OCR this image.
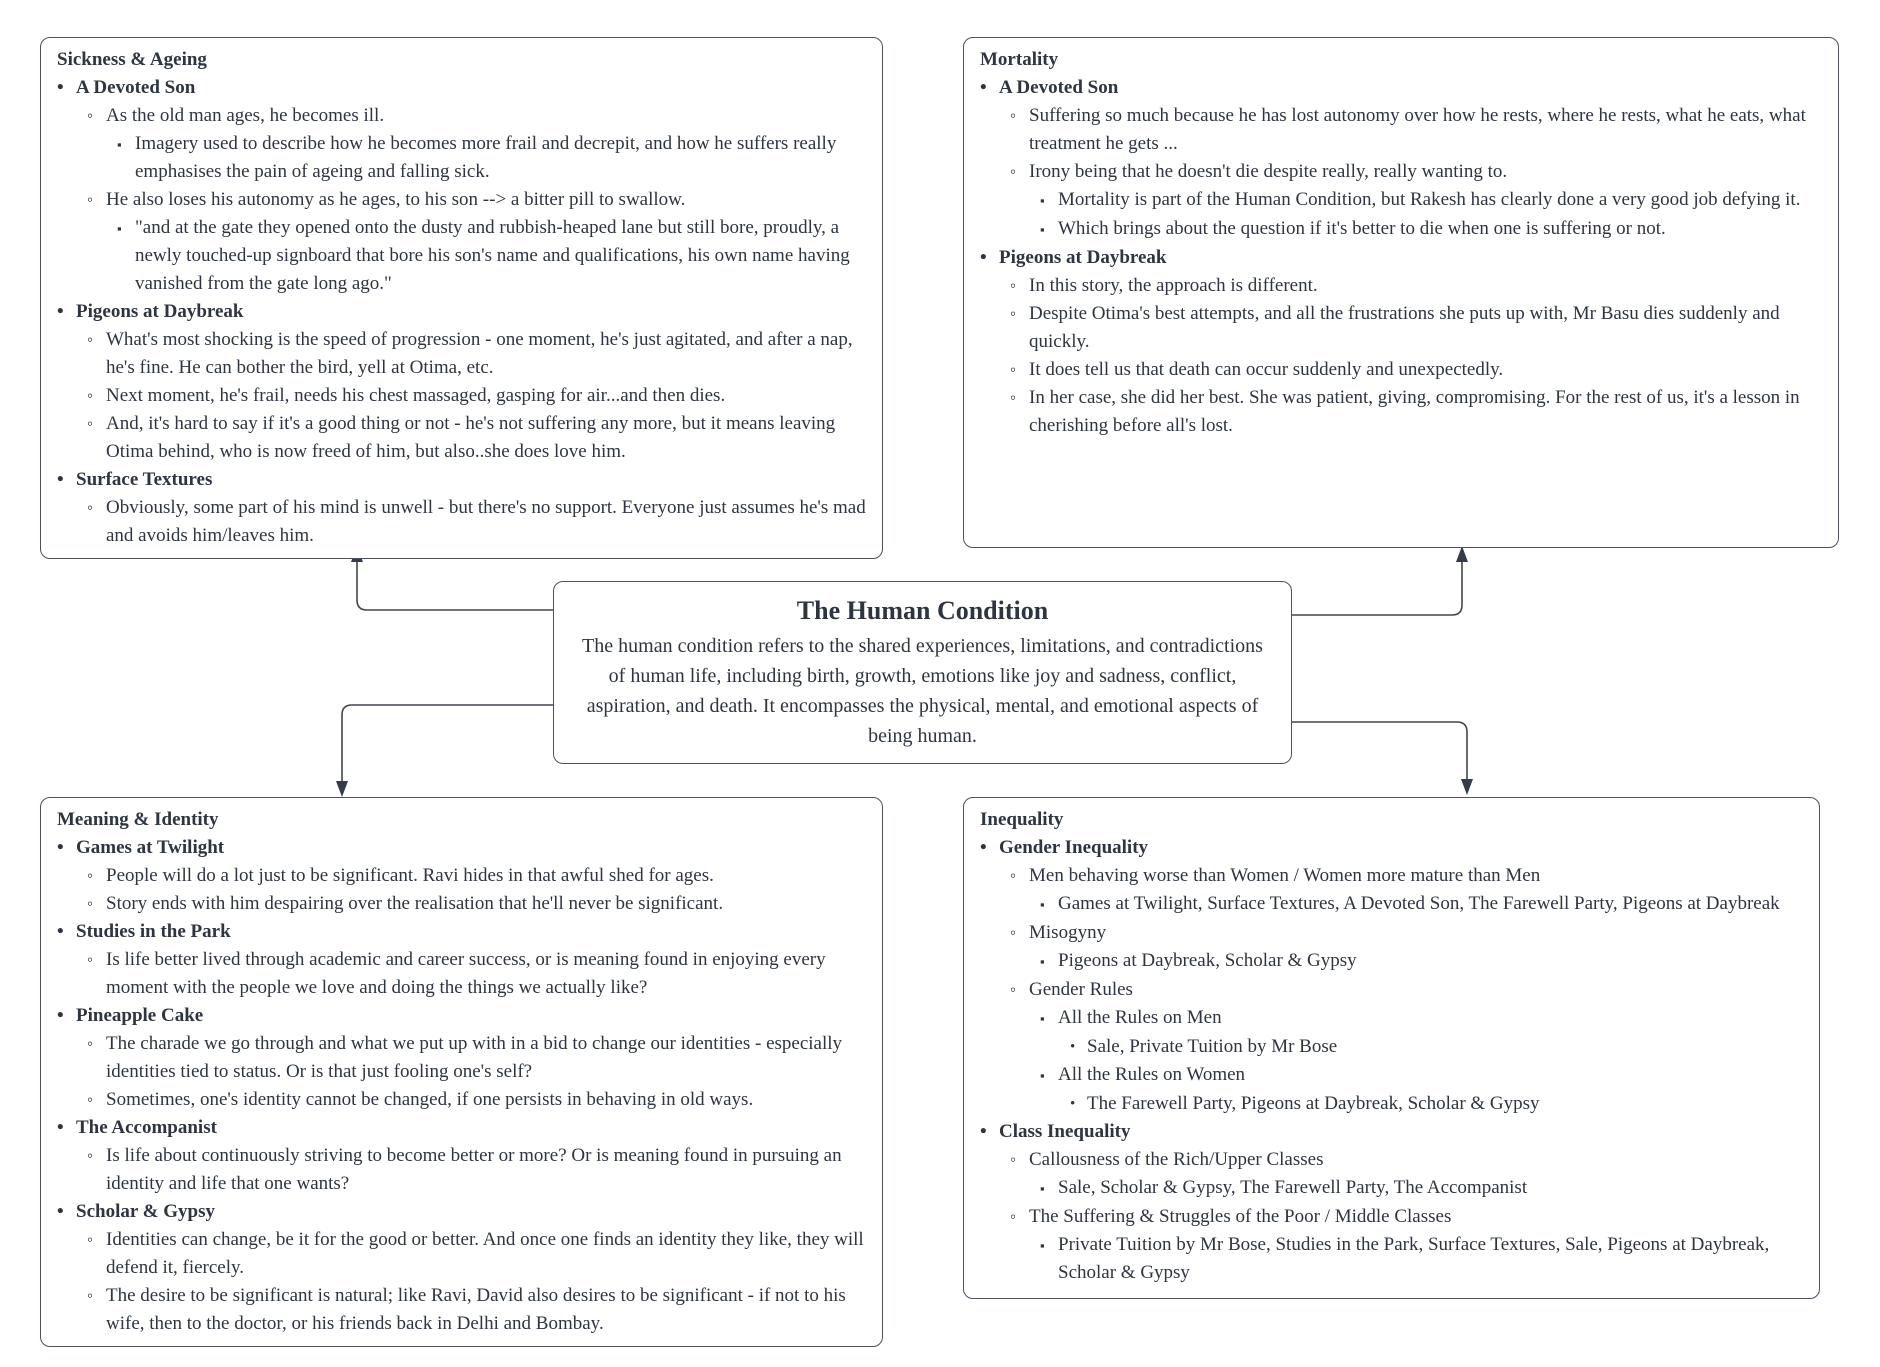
Sickness & Ageing
• A Devoted Son
◦ As the old man ages, he becomes ill.
▪ Imagery used to describe how he becomes more frail and decrepit, and how he suffers really emphasises the pain of ageing and falling sick.
◦ He also loses his autonomy as he ages, to his son --> a bitter pill to swallow.
▪ "and at the gate they opened onto the dusty and rubbish-heaped lane but still bore, proudly, a newly touched-up signboard that bore his son's name and qualifications, his own name having vanished from the gate long ago."
• Pigeons at Daybreak
◦ What's most shocking is the speed of progression - one moment, he's just agitated, and after a nap, he's fine. He can bother the bird, yell at Otima, etc.
◦ Next moment, he's frail, needs his chest massaged, gasping for air...and then dies.
◦ And, it's hard to say if it's a good thing or not - he's not suffering any more, but it means leaving Otima behind, who is now freed of him, but also..she does love him.
• Surface Textures
◦ Obviously, some part of his mind is unwell - but there's no support. Everyone just assumes he's mad and avoids him/leaves him.
Mortality
• A Devoted Son
◦ Suffering so much because he has lost autonomy over how he rests, where he rests, what he eats, what treatment he gets ...
◦ Irony being that he doesn't die despite really, really wanting to.
▪ Mortality is part of the Human Condition, but Rakesh has clearly done a very good job defying it.
▪ Which brings about the question if it's better to die when one is suffering or not.
• Pigeons at Daybreak
◦ In this story, the approach is different.
◦ Despite Otima's best attempts, and all the frustrations she puts up with, Mr Basu dies suddenly and quickly.
◦ It does tell us that death can occur suddenly and unexpectedly.
◦ In her case, she did her best. She was patient, giving, compromising. For the rest of us, it's a lesson in cherishing before all's lost.
The Human Condition
The human condition refers to the shared experiences, limitations, and contradictions of human life, including birth, growth, emotions like joy and sadness, conflict, aspiration, and death. It encompasses the physical, mental, and emotional aspects of being human.
Meaning & Identity
• Games at Twilight
◦ People will do a lot just to be significant. Ravi hides in that awful shed for ages.
◦ Story ends with him despairing over the realisation that he'll never be significant.
• Studies in the Park
◦ Is life better lived through academic and career success, or is meaning found in enjoying every moment with the people we love and doing the things we actually like?
• Pineapple Cake
◦ The charade we go through and what we put up with in a bid to change our identities - especially identities tied to status. Or is that just fooling one's self?
◦ Sometimes, one's identity cannot be changed, if one persists in behaving in old ways.
• The Accompanist
◦ Is life about continuously striving to become better or more? Or is meaning found in pursuing an identity and life that one wants?
• Scholar & Gypsy
◦ Identities can change, be it for the good or better. And once one finds an identity they like, they will defend it, fiercely.
◦ The desire to be significant is natural; like Ravi, David also desires to be significant - if not to his wife, then to the doctor, or his friends back in Delhi and Bombay.
Inequality
• Gender Inequality
◦ Men behaving worse than Women / Women more mature than Men
▪ Games at Twilight, Surface Textures, A Devoted Son, The Farewell Party, Pigeons at Daybreak
◦ Misogyny
▪ Pigeons at Daybreak, Scholar & Gypsy
◦ Gender Rules
▪ All the Rules on Men
• Sale, Private Tuition by Mr Bose
▪ All the Rules on Women
• The Farewell Party, Pigeons at Daybreak, Scholar & Gypsy
• Class Inequality
◦ Callousness of the Rich/Upper Classes
▪ Sale, Scholar & Gypsy, The Farewell Party, The Accompanist
◦ The Suffering & Struggles of the Poor / Middle Classes
▪ Private Tuition by Mr Bose, Studies in the Park, Surface Textures, Sale, Pigeons at Daybreak, Scholar & Gypsy
